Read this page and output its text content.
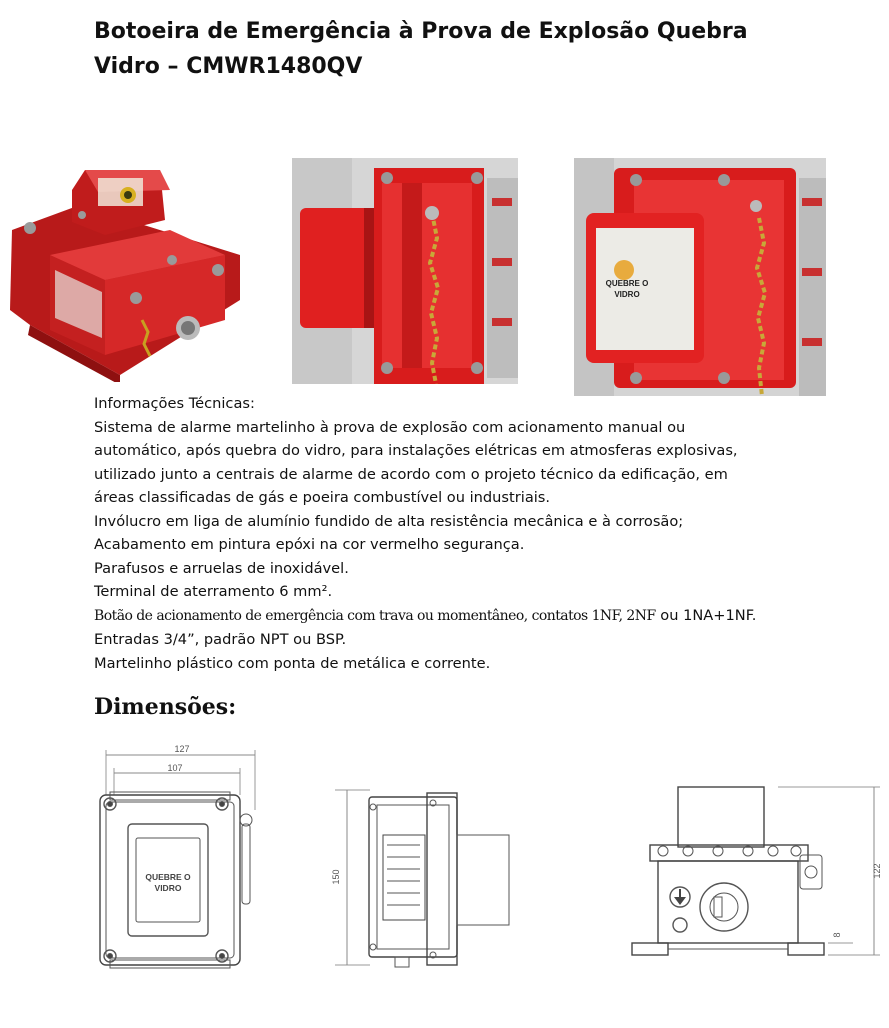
Botoeira de Emergência à Prova de Explosão Quebra
Vidro – CMWR1480QV
QUEBRE O
VIDRO
Informações Técnicas:
Sistema de alarme martelinho à prova de explosão com acionamento manual ou
automático, após quebra do vidro, para instalações elétricas em atmosferas explosivas,
utilizado junto a centrais de alarme de acordo com o projeto técnico da edificação, em
áreas classificadas de gás e poeira combustível ou industriais.
Invólucro em liga de alumínio fundido de alta resistência mecânica e à corrosão;
Acabamento em pintura epóxi na cor vermelho segurança.
Parafusos e arruelas de inoxidável.
Terminal de aterramento 6 mm².
Botão de acionamento de emergência com trava ou momentâneo, contatos 1NF, 2NF ou 1NA+1NF.
Entradas 3/4”, padrão NPT ou BSP.
Martelinho plástico com ponta de metálica e corrente.
Dimensões:
127
107
QUEBRE O
VIDRO
150	122
8
